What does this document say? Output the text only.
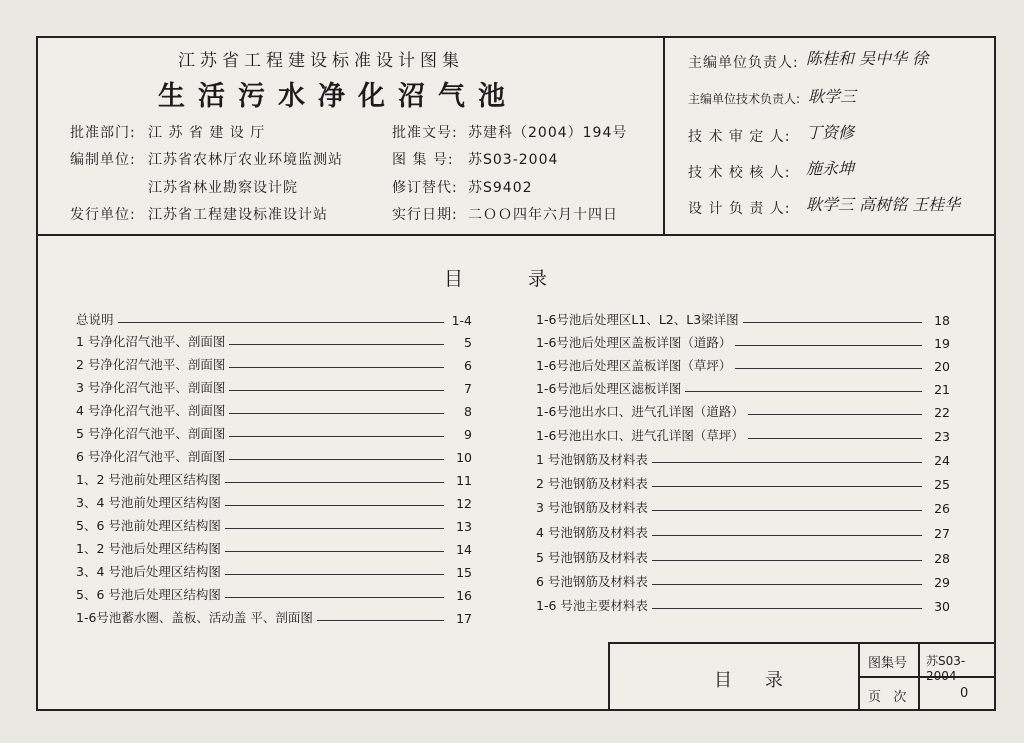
江苏省工程建设标准设计图集
生活污水净化沼气池
批准部门: 江 苏 省 建 设 厅	批准文号: 苏建科（2004）194号
编制单位: 江苏省农林厅农业环境监测站
江苏省林业勘察设计院
图 集 号: 苏S03-2004
修订替代: 苏S9402
发行单位: 江苏省工程建设标准设计站	实行日期: 二ＯＯ四年六月十四日
主编单位负责人: 陈桂和 吴中华 徐
主编单位技术负责人: 耿学三
技 术 审 定 人: 丁资修
技 术 校 核 人: 施永坤
设 计 负 责 人: 耿学三 高树铭 王桂华
目	录
总说明	1-4
1 号净化沼气池平、剖面图	5
2 号净化沼气池平、剖面图	6
3 号净化沼气池平、剖面图	7
4 号净化沼气池平、剖面图	8
5 号净化沼气池平、剖面图	9
6 号净化沼气池平、剖面图	10
1、2 号池前处理区结构图	11
3、4 号池前处理区结构图	12
5、6 号池前处理区结构图	13
1、2 号池后处理区结构图	14
3、4 号池后处理区结构图	15
5、6 号池后处理区结构图	16
1-6号池蓄水圈、盖板、活动盖 平、剖面图	17
1-6号池后处理区L1、L2、L3梁详图	18
1-6号池后处理区盖板详图（道路）	19
1-6号池后处理区盖板详图（草坪）	20
1-6号池后处理区滤板详图	21
1-6号池出水口、进气孔详图（道路）	22
1-6号池出水口、进气孔详图（草坪）	23
1 号池钢筋及材料表	24
2 号池钢筋及材料表	25
3 号池钢筋及材料表	26
4 号池钢筋及材料表	27
5 号池钢筋及材料表	28
6 号池钢筋及材料表	29
1-6 号池主要材料表	30
目    录
图集号 苏S03-2004
页   次	0
